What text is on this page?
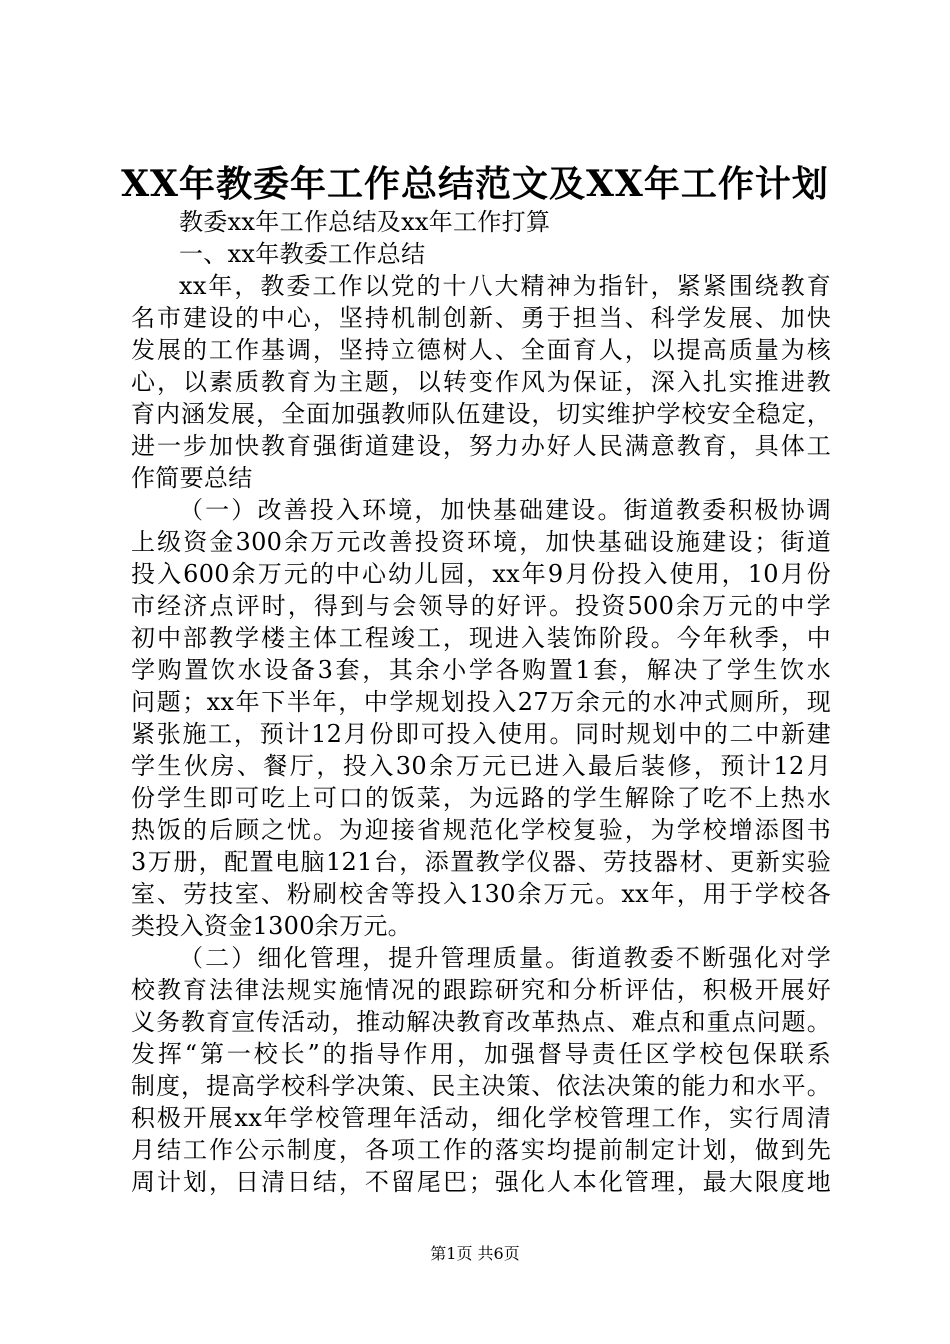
XX年教委年工作总结范文及XX年工作计划
教委xx年工作总结及xx年工作打算
一、xx年教委工作总结
xx年，教委工作以党的十八大精神为指针，紧紧围绕教育
名市建设的中心，坚持机制创新、勇于担当、科学发展、加快
发展的工作基调，坚持立德树人、全面育人，以提高质量为核
心，以素质教育为主题，以转变作风为保证，深入扎实推进教
育内涵发展，全面加强教师队伍建设，切实维护学校安全稳定，
进一步加快教育强街道建设，努力办好人民满意教育，具体工
作简要总结
（一）改善投入环境，加快基础建设。街道教委积极协调
上级资金300余万元改善投资环境，加快基础设施建设；街道
投入600余万元的中心幼儿园，xx年9月份投入使用，10月份
市经济点评时，得到与会领导的好评。投资500余万元的中学
初中部教学楼主体工程竣工，现进入装饰阶段。今年秋季，中
学购置饮水设备3套，其余小学各购置1套，解决了学生饮水
问题；xx年下半年，中学规划投入27万余元的水冲式厕所，现
紧张施工，预计12月份即可投入使用。同时规划中的二中新建
学生伙房、餐厅，投入30余万元已进入最后装修，预计12月
份学生即可吃上可口的饭菜，为远路的学生解除了吃不上热水
热饭的后顾之忧。为迎接省规范化学校复验，为学校增添图书
3万册，配置电脑121台，添置教学仪器、劳技器材、更新实验
室、劳技室、粉刷校舍等投入130余万元。xx年，用于学校各
类投入资金1300余万元。
（二）细化管理，提升管理质量。街道教委不断强化对学
校教育法律法规实施情况的跟踪研究和分析评估，积极开展好
义务教育宣传活动，推动解决教育改革热点、难点和重点问题。
发挥“第一校长”的指导作用，加强督导责任区学校包保联系
制度，提高学校科学决策、民主决策、依法决策的能力和水平。
积极开展xx年学校管理年活动，细化学校管理工作，实行周清
月结工作公示制度，各项工作的落实均提前制定计划，做到先
周计划，日清日结，不留尾巴；强化人本化管理，最大限度地
第1页 共6页
